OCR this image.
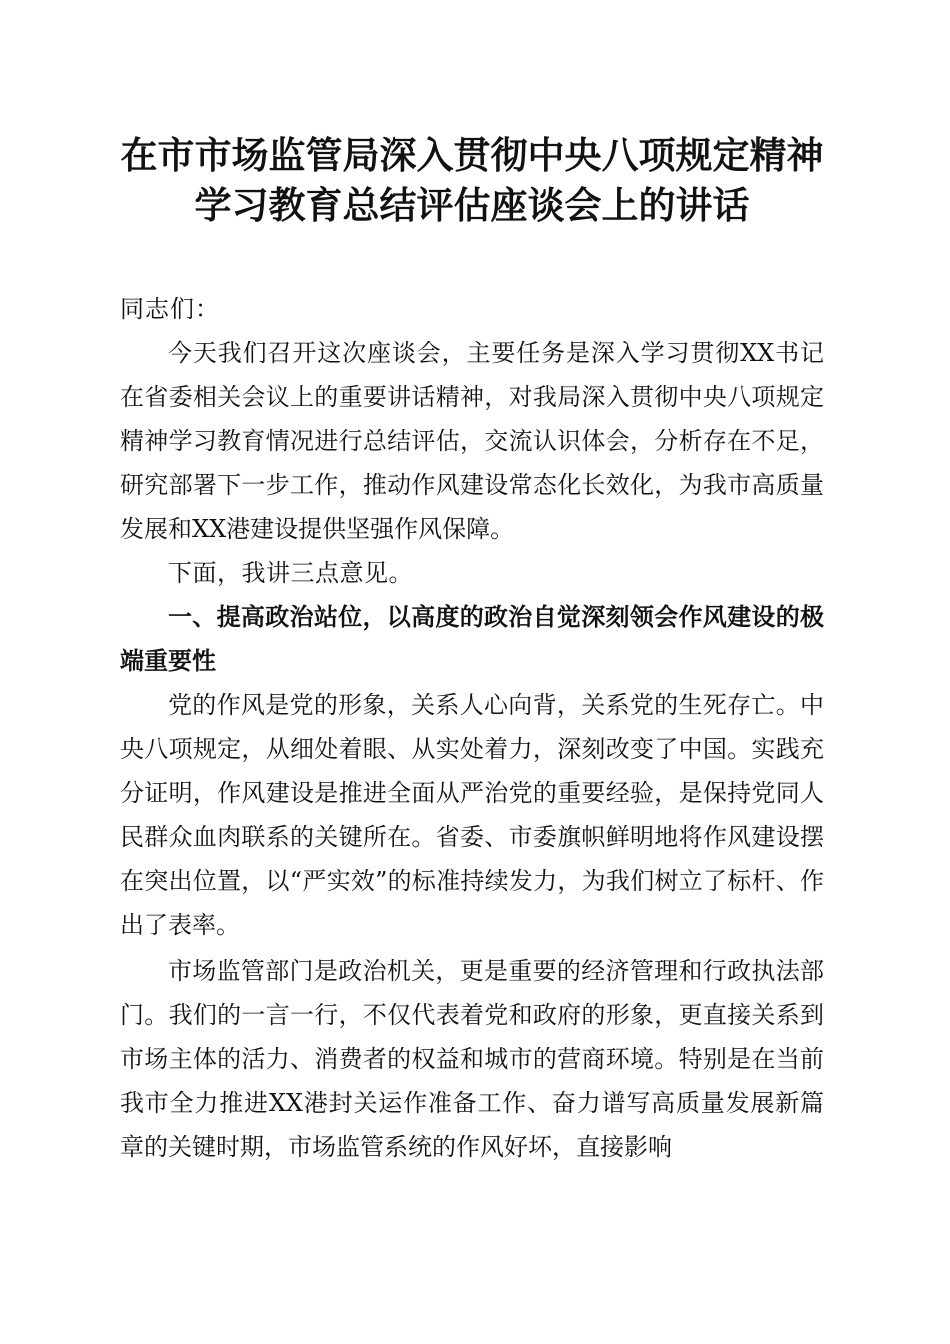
在市市场监管局深入贯彻中央八项规定精神学习教育总结评估座谈会上的讲话
同志们：

今天我们召开这次座谈会，主要任务是深入学习贯彻XX书记在省委相关会议上的重要讲话精神，对我局深入贯彻中央八项规定精神学习教育情况进行总结评估，交流认识体会，分析存在不足，研究部署下一步工作，推动作风建设常态化长效化，为我市高质量发展和XX港建设提供坚强作风保障。

下面，我讲三点意见。

一、提高政治站位，以高度的政治自觉深刻领会作风建设的极端重要性

党的作风是党的形象，关系人心向背，关系党的生死存亡。中央八项规定，从细处着眼、从实处着力，深刻改变了中国。实践充分证明，作风建设是推进全面从严治党的重要经验，是保持党同人民群众血肉联系的关键所在。省委、市委旗帜鲜明地将作风建设摆在突出位置，以“严实效”的标准持续发力，为我们树立了标杆、作出了表率。

市场监管部门是政治机关，更是重要的经济管理和行政执法部门。我们的一言一行，不仅代表着党和政府的形象，更直接关系到市场主体的活力、消费者的权益和城市的营商环境。特别是在当前我市全力推进XX港封关运作准备工作、奋力谱写高质量发展新篇章的关键时期，市场监管系统的作风好坏，直接影响
